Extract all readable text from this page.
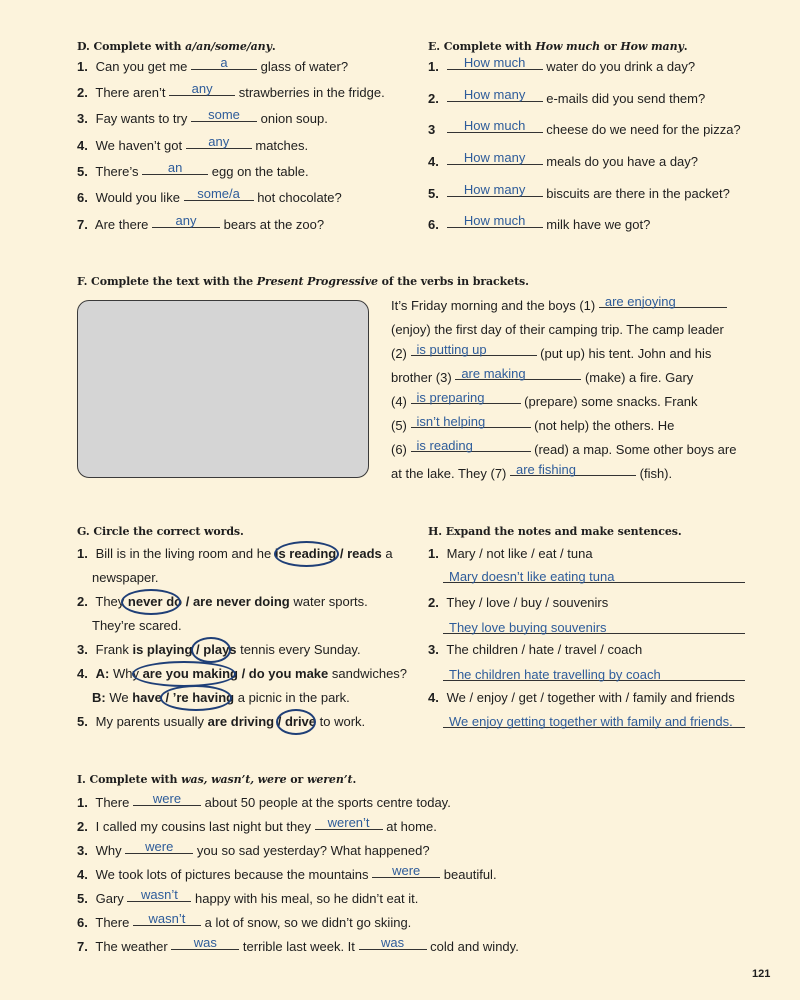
D. Complete with a/an/some/any.
1. Can you get me	a	glass of water?
2. There aren’t any strawberries in the fridge.
3. Fay wants to try some onion soup.
4. We haven’t got any matches.
5. There’s an egg on the table.
6. Would you like some/a hot chocolate?
7. Are there any bears at the zoo?
E. Complete with How much or How many.
1. How much water do you drink a day?
2. How many e-mails did you send them?
3 How much cheese do we need for the pizza?
4. How many meals do you have a day?
5. How many biscuits are there in the packet?
6. How much milk have we got?
F. Complete the text with the Present Progressive of the verbs in brackets.
It’s Friday morning and the boys (1) are enjoying
(enjoy) the first day of their camping trip. The camp leader
(2) is putting up	(put up) his tent. John and his
brother (3) are making	(make) a fire. Gary
(4) is preparing	(prepare) some snacks. Frank
(5) isn’t helping	(not help) the others. He
(6) is reading	(read) a map. Some other boys are
at the lake. They (7) are fishing	(fish).
G. Circle the correct words.
1. Bill is in the living room and he is reading / reads a
newspaper.
2. They never do / are never doing water sports.
They’re scared.
3. Frank is playing / plays tennis every Sunday.
4. A: Why are you making / do you make sandwiches?
B: We have / ’re having a picnic in the park.
5. My parents usually are driving / drive to work.
H. Expand the notes and make sentences.
1. Mary / not like / eat / tuna
Mary doesn’t like eating tuna
2. They / love / buy / souvenirs
They love buying souvenirs
3. The children / hate / travel / coach
The children hate travelling by coach
4. We / enjoy / get / together with / family and friends
We enjoy getting together with family and friends.
I. Complete with was, wasn’t, were or weren’t.
1. There were about 50 people at the sports centre today.
2. I called my cousins last night but they weren’t at home.
3. Why were you so sad yesterday? What happened?
4. We took lots of pictures because the mountains were beautiful.
5. Gary wasn’t happy with his meal, so he didn’t eat it.
6. There wasn’t a lot of snow, so we didn’t go skiing.
7. The weather was terrible last week. It was cold and windy.
121
